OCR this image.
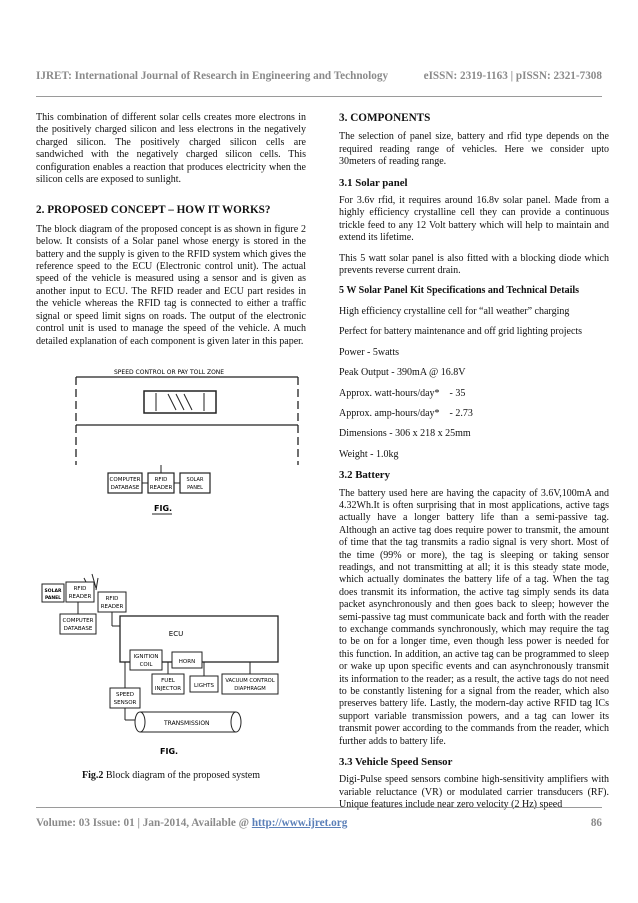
IJRET: International Journal of Research in Engineering and Technology	eISSN: 2319-1163 | pISSN: 2321-7308

This combination of different solar cells creates more electrons in the positively charged silicon and less electrons in the negatively charged silicon. The positively charged silicon cells are sandwiched with the negatively charged silicon cells. This configuration enables a reaction that produces electricity when the silicon cells are exposed to sunlight.

2. PROPOSED CONCEPT – HOW IT WORKS?

The block diagram of the proposed concept is as shown in figure 2 below. It consists of a Solar panel whose energy is stored in the battery and the supply is given to the RFID system which gives the reference speed to the ECU (Electronic control unit). The actual speed of the vehicle is measured using a sensor and is given as another input to ECU. The RFID reader and ECU part resides in the vehicle whereas the RFID tag is connected to either a traffic signal or speed limit signs on roads. The output of the electronic control unit is used to manage the speed of the vehicle. A much detailed explanation of each component is given later in this paper.

SPEED CONTROL OR PAY TOLL ZONE
COMPUTER
DATABASE
RFID
READER
SOLAR
PANEL
FIG.
SOLAR
PANEL
RFID
READER	RFID
READER
COMPUTER
DATABASE
ECU
IGNITION
COIL	HORN
FUEL
INJECTOR LIGHTS
VACUUM CONTROL
DIAPHRAGM
SPEED
SENSOR
TRANSMISSION
FIG.
Fig.2 Block diagram of the proposed system
3. COMPONENTS

The selection of panel size, battery and rfid type depends on the required reading range of vehicles. Here we consider upto 30meters of reading range.

3.1 Solar panel

For 3.6v rfid, it requires around 16.8v solar panel. Made from a highly efficiency crystalline cell they can provide a continuous trickle feed to any 12 Volt battery which will help to maintain and extend its lifetime.

This 5 watt solar panel is also fitted with a blocking diode which prevents reverse current drain.

5 W Solar Panel Kit Specifications and Technical Details

High efficiency crystalline cell for “all weather” charging

Perfect for battery maintenance and off grid lighting projects

Power - 5watts

Peak Output - 390mA @ 16.8V

Approx. watt-hours/day*    - 35

Approx. amp-hours/day*    - 2.73

Dimensions - 306 x 218 x 25mm

Weight - 1.0kg

3.2 Battery

The battery used here are having the capacity of 3.6V,100mA and 4.32Wh.It is often surprising that in most applications, active tags actually have a longer battery life than a semi-passive tag. Although an active tag does require power to transmit, the amount of time that the tag transmits a radio signal is very short. Most of the time (99% or more), the tag is sleeping or taking sensor readings, and not transmitting at all; it is this steady state mode, which actually dominates the battery life of a tag. When the tag does transmit its information, the active tag simply sends its data packet asynchronously and then goes back to sleep; however the semi-passive tag must communicate back and forth with the reader to exchange commands synchronously, which may require the tag to be on for a longer time, even though less power is needed for this function. In addition, an active tag can be programmed to sleep or wake up upon specific events and can asynchronously transmit its information to the reader; as a result, the active tags do not need to be constantly listening for a signal from the reader, which also preserves battery life. Lastly, the modern-day active RFID tag ICs support variable transmission powers, and a tag can lower its transmit power according to the commands from the reader, which further adds to battery life.

3.3 Vehicle Speed Sensor

Digi-Pulse speed sensors combine high-sensitivity amplifiers with variable reluctance (VR) or modulated carrier transducers (RF). Unique features include near zero velocity (2 Hz) speed

Volume: 03 Issue: 01 | Jan-2014, Available @ http://www.ijret.org	86
